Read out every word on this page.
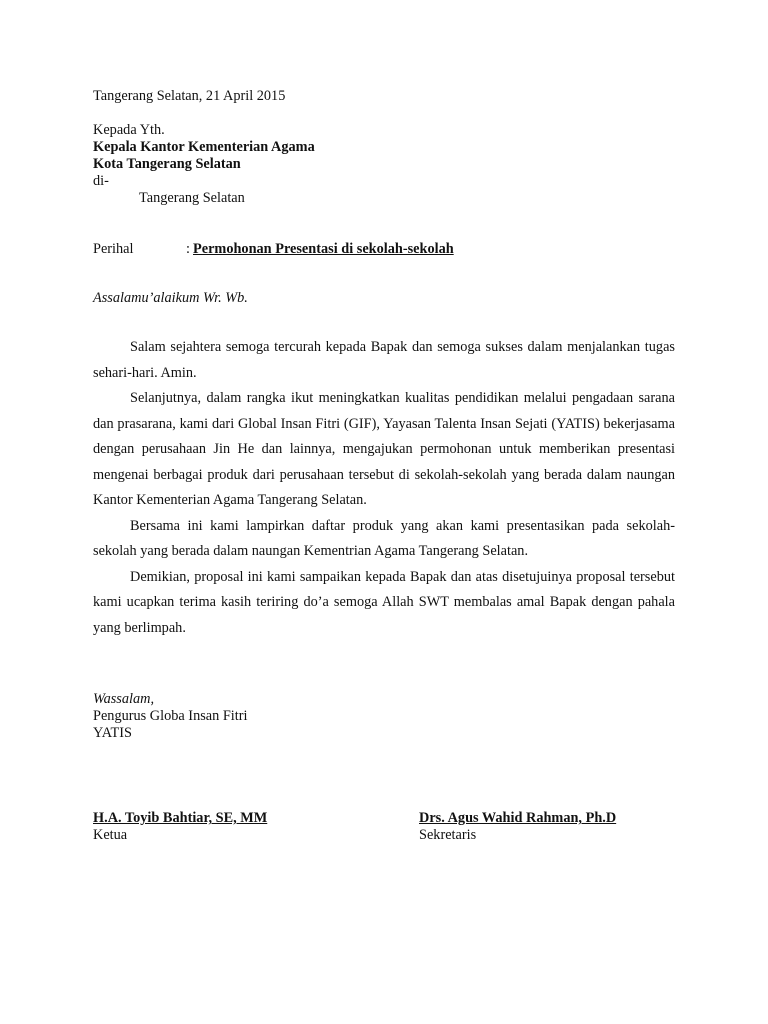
Tangerang Selatan, 21 April 2015
Kepada Yth.
Kepala Kantor Kementerian Agama
Kota Tangerang Selatan
di-
Tangerang Selatan
Perihal	: Permohonan Presentasi di sekolah-sekolah
Assalamu’alaikum Wr. Wb.

Salam sejahtera semoga tercurah kepada Bapak dan semoga sukses dalam menjalankan tugas sehari-hari. Amin.

Selanjutnya, dalam rangka ikut meningkatkan kualitas pendidikan melalui pengadaan sarana dan prasarana, kami dari Global Insan Fitri (GIF), Yayasan Talenta Insan Sejati (YATIS) bekerjasama dengan perusahaan Jin He dan lainnya, mengajukan permohonan untuk memberikan presentasi mengenai berbagai produk dari perusahaan tersebut di sekolah-sekolah yang berada dalam naungan Kantor Kementerian Agama Tangerang Selatan.

Bersama ini kami lampirkan daftar produk yang akan kami presentasikan pada sekolah-sekolah yang berada dalam naungan Kementrian Agama Tangerang Selatan.

Demikian, proposal ini kami sampaikan kepada Bapak dan atas disetujuinya proposal tersebut kami ucapkan terima kasih teriring do’a semoga Allah SWT membalas amal Bapak dengan pahala yang berlimpah.

Wassalam,
Pengurus Globa Insan Fitri
YATIS
H.A. Toyib Bahtiar, SE, MM
Ketua
Drs. Agus Wahid Rahman, Ph.D
Sekretaris
